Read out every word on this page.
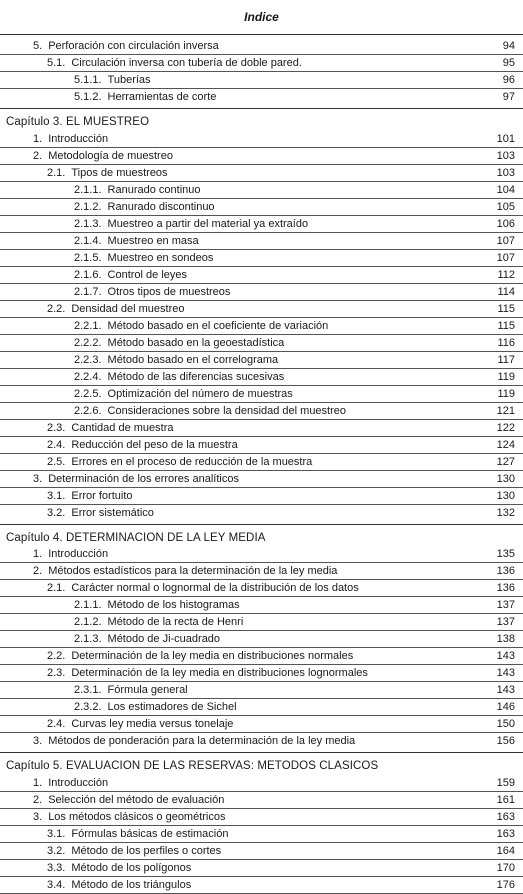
Indice
5. Perforación con circulación inversa	94
5.1. Circulación inversa con tubería de doble pared.	95
5.1.1. Tuberías	96
5.1.2. Herramientas de corte	97
Capítulo 3. EL MUESTREO
1. Introducción	101
2. Metodología de muestreo	103
2.1. Tipos de muestreos	103
2.1.1. Ranurado continuo	104
2.1.2. Ranurado discontinuo	105
2.1.3. Muestreo a partir del material ya extraído	106
2.1.4. Muestreo en masa	107
2.1.5. Muestreo en sondeos	107
2.1.6. Control de leyes	112
2.1.7. Otros tipos de muestreos	114
2.2. Densidad del muestreo	115
2.2.1. Método basado en el coeficiente de variación	115
2.2.2. Método basado en la geoestadística	116
2.2.3. Método basado en el correlograma	117
2.2.4. Método de las diferencias sucesivas	119
2.2.5. Optimización del número de muestras	119
2.2.6. Consideraciones sobre la densidad del muestreo	121
2.3. Cantidad de muestra	122
2.4. Reducción del peso de la muestra	124
2.5. Errores en el proceso de reducción de la muestra	127
3. Determinación de los errores analíticos	130
3.1. Error fortuito	130
3.2. Error sistemático	132
Capítulo 4. DETERMINACION DE LA LEY MEDIA
1. Introducción	135
2. Métodos estadísticos para la determinación de la ley media	136
2.1. Carácter normal o lognormal de la distribución de los datos	136
2.1.1. Método de los histogramas	137
2.1.2. Método de la recta de Henri	137
2.1.3. Método de Ji-cuadrado	138
2.2. Determinación de la ley media en distribuciones normales	143
2.3. Determinación de la ley media en distribuciones lognormales	143
2.3.1. Fórmula general	143
2.3.2. Los estimadores de Sichel	146
2.4. Curvas ley media versus tonelaje	150
3. Métodos de ponderación para la determinación de la ley media	156
Capítulo 5. EVALUACION DE LAS RESERVAS: METODOS CLASICOS
1. Introducción	159
2. Selección del método de evaluación	161
3. Los métodos clásicos o geométricos	163
3.1. Fórmulas básicas de estimación	163
3.2. Método de los perfiles o cortes	164
3.3. Método de los polígonos	170
3.4. Método de los triángulos	176
